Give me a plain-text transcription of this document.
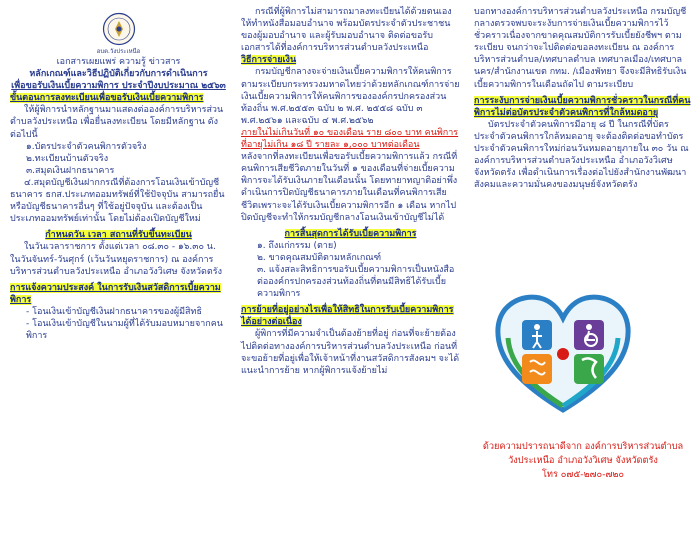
อบต.วังประเหนือ

เอกสารเผยแพร่ ความรู้ ข่าวสาร

หลักเกณฑ์และวิธีปฏิบัติเกี่ยวกับการดำเนินการ

เพื่อขอรับเงินเบี้ยความพิการ ประจำปีงบประมาณ ๒๕๖๓

ขั้นตอนการลงทะเบียนเพื่อขอรับเงินเบี้ยความพิการ

ให้ผู้พิการนำหลักฐานมาแสดงต่อองค์การบริหารส่วนตำบลวังประเหนือ เพื่อยื่นลงทะเบียน โดยมีหลักฐาน ดังต่อไปนี้

๑.บัตรประจำตัวคนพิการตัวจริง

๒.ทะเบียนบ้านตัวจริง

๓.สมุดเงินฝากธนาคาร

๔.สมุดบัญชีเงินฝากกรณีที่ต้องการโอนเงินเข้าบัญชีธนาคาร ธกส.ประเภทออมทรัพย์ที่ใช้ปัจจุบัน สามารถยื่นหรือบัญชีธนาคารอื่นๆ ที่ใช้อยู่ปัจจุบัน และต้องเป็นประเภทออมทรัพย์เท่านั้น โดยไม่ต้องเปิดบัญชีใหม่

กำหนดวัน เวลา สถานที่รับขึ้นทะเบียน

ในวันเวลาราชการ ตั้งแต่เวลา ๐๘.๓๐ - ๑๖.๓๐ น. ในวันจันทร์-วันศุกร์ (เว้นวันหยุดราชการ) ณ องค์การบริหารส่วนตำบลวังประเหนือ อำเภอวังวิเศษ จังหวัดตรัง

การแจ้งความประสงค์ ในการรับเงินสวัสดิการเบี้ยความพิการ

- โอนเงินเข้าบัญชีเงินฝากธนาคารของผู้มีสิทธิ

- โอนเงินเข้าบัญชีในนามผู้ที่ได้รับมอบหมายจากคนพิการ

กรณีที่ผู้พิการไม่สามารถมาลงทะเบียนได้ด้วยตนเองให้ทำหนังสือมอบอำนาจ พร้อมบัตรประจำตัวประชาชนของผู้มอบอำนาจ และผู้รับมอบอำนาจ ติดต่อขอรับเอกสารได้ที่องค์การบริหารส่วนตำบลวังประเหนือ

วิธีการจ่ายเงิน

กรมบัญชีกลางจะจ่ายเงินเบี้ยความพิการให้คนพิการ ตามระเบียบกระทรวงมหาดไทยว่าด้วยหลักเกณฑ์การจ่ายเงินเบี้ยความพิการให้คนพิการขององค์กรปกครองส่วนท้องถิ่น พ.ศ.๒๕๕๓ ฉบับ ๒ พ.ศ. ๒๕๕๘ ฉบับ ๓ พ.ศ.๒๕๖๑ และฉบับ ๔ พ.ศ.๒๕๖๒

ภายในไม่เกินวันที่ ๑๐ ของเดือน ราย ๘๐๐ บาท คนพิการที่อายุไม่เกิน ๑๘ ปี รายละ ๑,๐๐๐ บาทต่อเดือน

หลังจากที่ลงทะเบียนเพื่อขอรับเบี้ยความพิการแล้ว กรณีที่คนพิการเสียชีวิตภายในวันที่ ๑ ของเดือนที่จ่ายเบี้ยความพิการจะได้รับเงินภายในเดือนนั้น โดยทายาทญาติอย่าพึ่งดำเนินการปิดบัญชีธนาคารภายในเดือนที่คนพิการเสียชีวิตเพราะจะได้รับเงินเบี้ยความพิการอีก ๑ เดือน หากไปปิดบัญชีจะทำให้กรมบัญชีกลางโอนเงินเข้าบัญชีไม่ได้

การสิ้นสุดการได้รับเบี้ยความพิการ

๑. ถึงแก่กรรม (ตาย)

๒. ขาดคุณสมบัติตามหลักเกณฑ์

๓. แจ้งสละสิทธิการขอรับเบี้ยความพิการเป็นหนังสือต่อองค์กรปกครองส่วนท้องถิ่นที่ตนมีสิทธิได้รับเบี้ยความพิการ

การย้ายที่อยู่อย่างไรเพื่อให้สิทธิในการรับเบี้ยความพิการได้อย่างต่อเนื่อง

ผู้พิการที่มีความจำเป็นต้องย้ายที่อยู่ ก่อนที่จะย้ายต้องไปติดต่อทางองค์การบริหารส่วนตำบลวังประเหนือ ก่อนที่จะขอย้ายที่อยู่เพื่อให้เจ้าหน้าที่งานสวัสดิการสังคมฯ จะได้แนะนำการย้าย หากผู้พิการแจ้งย้ายไม่

บอกทางองค์การบริหารส่วนตำบลวังประเหนือ กรมบัญชีกลางตรวจพบจะระงับการจ่ายเงินเบี้ยความพิการไว้ชั่วคราวเนื่องจากขาดคุณสมบัติการรับเบี้ยยังชีพฯ ตามระเบียบ จนกว่าจะไปติดต่อขอลงทะเบียน ณ องค์การบริหารส่วนตำบล/เทศบาลตำบล เทศบาลเมือง/เทศบาลนคร/สำนักงานเขต กทม. /เมืองพัทยา จึงจะมีสิทธิรับเงินเบี้ยความพิการในเดือนถัดไป ตามระเบียบ

การระงับการจ่ายเงินเบี้ยความพิการชั่วคราวในกรณีที่คนพิการไม่ต่อบัตรประจำตัวคนพิการที่ใกล้หมดอายุ

บัตรประจำตัวคนพิการมีอายุ ๘ ปี ในกรณีที่บัตรประจำตัวคนพิการใกล้หมดอายุ จะต้องติดต่อขอทำบัตรประจำตัวคนพิการใหม่ก่อนวันหมดอายุภายใน ๓๐ วัน ณ องค์การบริหารส่วนตำบลวังประเหนือ อำเภอวังวิเศษ จังหวัดตรัง เพื่อดำเนินการเรื่องต่อไปยังสำนักงานพัฒนาสังคมและความมั่นคงของมนุษย์จังหวัดตรัง

ด้วยความปรารถนาดีจาก องค์การบริหารส่วนตำบล

วังประเหนือ อำเภอวังวิเศษ จังหวัดตรัง

โทร ๐๗๕-๒๗๐-๗๒๐
